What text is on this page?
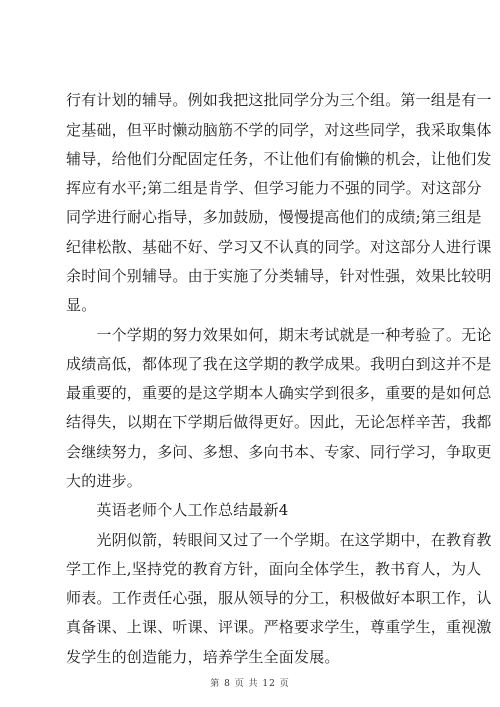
行有计划的辅导。例如我把这批同学分为三个组。第一组是有一
定基础，但平时懒动脑筋不学的同学，对这些同学，我采取集体
辅导，给他们分配固定任务，不让他们有偷懒的机会，让他们发
挥应有水平;第二组是肯学、但学习能力不强的同学。对这部分
同学进行耐心指导，多加鼓励，慢慢提高他们的成绩;第三组是
纪律松散、基础不好、学习又不认真的同学。对这部分人进行课
余时间个别辅导。由于实施了分类辅导，针对性强，效果比较明
显。
　　一个学期的努力效果如何，期末考试就是一种考验了。无论
成绩高低，都体现了我在这学期的教学成果。我明白到这并不是
最重要的，重要的是这学期本人确实学到很多，重要的是如何总
结得失，以期在下学期后做得更好。因此，无论怎样辛苦，我都
会继续努力，多问、多想、多向书本、专家、同行学习，争取更
大的进步。
　　英语老师个人工作总结最新4
　　光阴似箭，转眼间又过了一个学期。在这学期中，在教育教
学工作上,坚持党的教育方针，面向全体学生，教书育人，为人
师表。工作责任心强，服从领导的分工，积极做好本职工作，认
真备课、上课、听课、评课。严格要求学生，尊重学生，重视激
发学生的创造能力，培养学生全面发展。
第 8 页 共 12 页
